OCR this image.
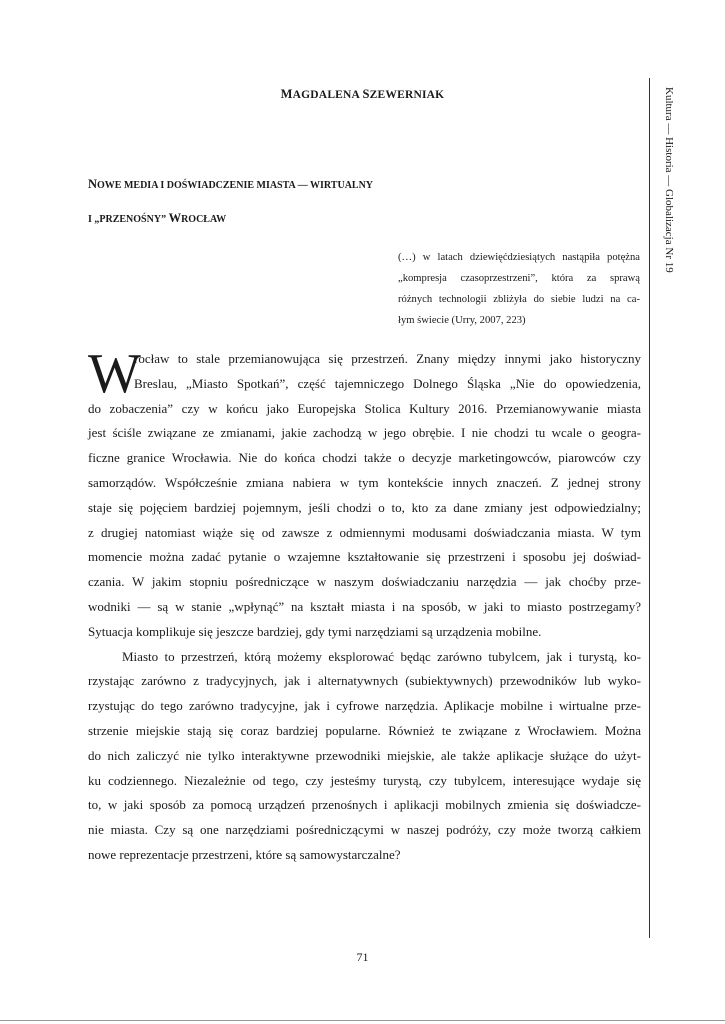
MAGDALENA SZEWERNIAK
NOWE MEDIA I DOŚWIADCZENIE MIASTA — WIRTUALNY
I „PRZENOŚNY” WROCŁAW
(…) w latach dziewięćdziesiątych nastąpiła potężna
„kompresja czasoprzestrzeni”, która za sprawą
różnych technologii zbliżyła do siebie ludzi na ca-
łym świecie (Urry, 2007, 223)
W
rocław to stale przemianowująca się przestrzeń. Znany między innymi jako historyczny
Breslau, „Miasto Spotkań”, część tajemniczego Dolnego Śląska „Nie do opowiedzenia,
do zobaczenia” czy w końcu jako Europejska Stolica Kultury 2016. Przemianowywanie miasta
jest ściśle związane ze zmianami, jakie zachodzą w jego obrębie. I nie chodzi tu wcale o geogra-
ficzne granice Wrocławia. Nie do końca chodzi także o decyzje marketingowców, piarowców czy
samorządów. Współcześnie zmiana nabiera w tym kontekście innych znaczeń. Z jednej strony
staje się pojęciem bardziej pojemnym, jeśli chodzi o to, kto za dane zmiany jest odpowiedzialny;
z drugiej natomiast wiąże się od zawsze z odmiennymi modusami doświadczania miasta. W tym
momencie można zadać pytanie o wzajemne kształtowanie się przestrzeni i sposobu jej doświad-
czania. W jakim stopniu pośredniczące w naszym doświadczaniu narzędzia — jak choćby prze-
wodniki — są w stanie „wpłynąć” na kształt miasta i na sposób, w jaki to miasto postrzegamy?
Sytuacja komplikuje się jeszcze bardziej, gdy tymi narzędziami są urządzenia mobilne.
Miasto to przestrzeń, którą możemy eksplorować będąc zarówno tubylcem, jak i turystą, ko-
rzystając zarówno z tradycyjnych, jak i alternatywnych (subiektywnych) przewodników lub wyko-
rzystując do tego zarówno tradycyjne, jak i cyfrowe narzędzia. Aplikacje mobilne i wirtualne prze-
strzenie miejskie stają się coraz bardziej popularne. Również te związane z Wrocławiem. Można
do nich zaliczyć nie tylko interaktywne przewodniki miejskie, ale także aplikacje służące do użyt-
ku codziennego. Niezależnie od tego, czy jesteśmy turystą, czy tubylcem, interesujące wydaje się
to, w jaki sposób za pomocą urządzeń przenośnych i aplikacji mobilnych zmienia się doświadcze-
nie miasta. Czy są one narzędziami pośredniczącymi w naszej podróży, czy może tworzą całkiem
nowe reprezentacje przestrzeni, które są samowystarczalne?
Kultura — Historia — Globalizacja Nr 19
71
